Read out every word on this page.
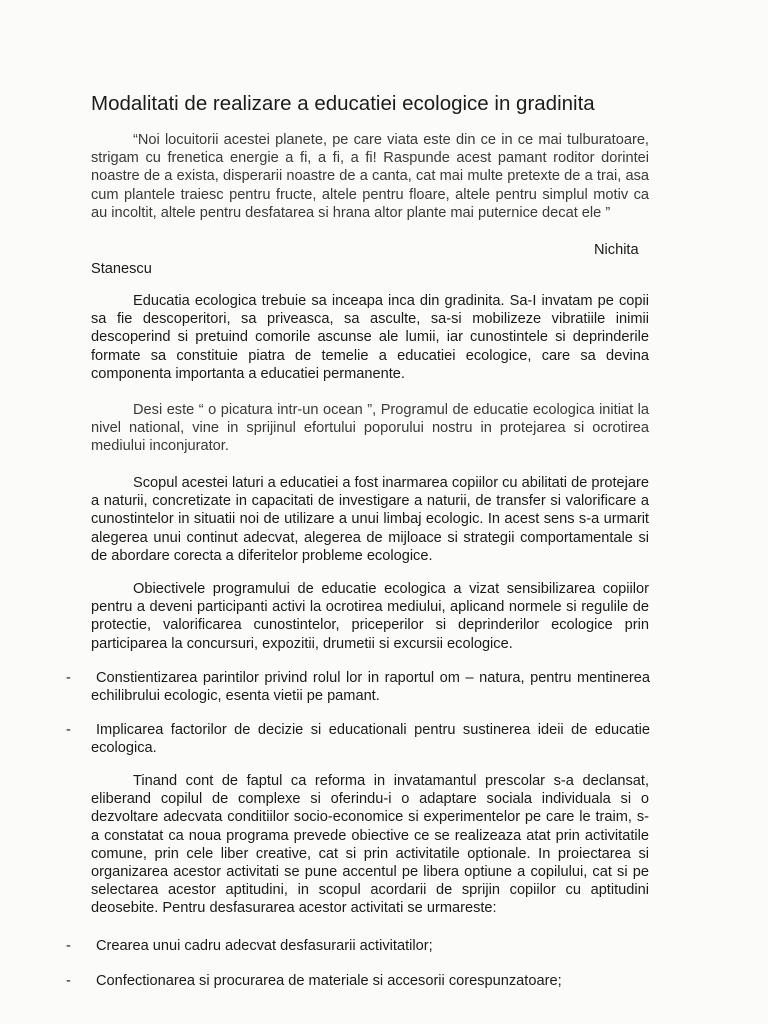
Modalitati de realizare a educatiei ecologice in gradinita
“Noi locuitorii acestei planete, pe care viata este din ce in ce mai tulburatoare, strigam cu frenetica energie a fi, a fi, a fi! Raspunde acest pamant roditor dorintei noastre de a exista, disperarii noastre de a canta, cat mai multe pretexte de a trai, asa cum plantele traiesc pentru fructe, altele pentru floare, altele pentru simplul motiv ca au incoltit, altele pentru desfatarea si hrana altor plante mai puternice decat ele ”
Nichita
Stanescu
Educatia ecologica trebuie sa inceapa inca din gradinita. Sa-I invatam pe copii sa fie descoperitori, sa priveasca, sa asculte, sa-si mobilizeze vibratiile inimii descoperind si pretuind comorile ascunse ale lumii, iar cunostintele si deprinderile formate sa constituie piatra de temelie a educatiei ecologice, care sa devina componenta importanta a educatiei permanente.
Desi este “ o picatura intr-un ocean ”, Programul de educatie ecologica initiat la nivel national, vine in sprijinul efortului poporului nostru in protejarea si ocrotirea mediului inconjurator.
Scopul acestei laturi a educatiei a fost inarmarea copiilor cu abilitati de protejare a naturii, concretizate in capacitati de investigare a naturii, de transfer si valorificare a cunostintelor in situatii noi de utilizare a unui limbaj ecologic. In acest sens s-a urmarit alegerea unui continut adecvat, alegerea de mijloace si strategii comportamentale si de abordare corecta a diferitelor probleme ecologice.
Obiectivele programului de educatie ecologica a vizat sensibilizarea copiilor pentru a deveni participanti activi la ocrotirea mediului, aplicand normele si regulile de protectie, valorificarea cunostintelor, priceperilor si deprinderilor ecologice prin participarea la concursuri, expozitii, drumetii si excursii ecologice.
-	Constientizarea parintilor privind rolul lor in raportul om – natura, pentru mentinerea echilibrului ecologic, esenta vietii pe pamant.
-	Implicarea factorilor de decizie si educationali pentru sustinerea ideii de educatie ecologica.
Tinand cont de faptul ca reforma in invatamantul prescolar s-a declansat, eliberand copilul de complexe si oferindu-i o adaptare sociala individuala si o dezvoltare adecvata conditiilor socio-economice si experimentelor pe care le traim, s-a constatat ca noua programa prevede obiective ce se realizeaza atat prin activitatile comune, prin cele liber creative, cat si prin activitatile optionale. In proiectarea si organizarea acestor activitati se pune accentul pe libera optiune a copilului, cat si pe selectarea acestor aptitudini, in scopul acordarii de sprijin copiilor cu aptitudini deosebite. Pentru desfasurarea acestor activitati se urmareste:
-	Crearea unui cadru adecvat desfasurarii activitatilor;
-	Confectionarea si procurarea de materiale si accesorii corespunzatoare;
